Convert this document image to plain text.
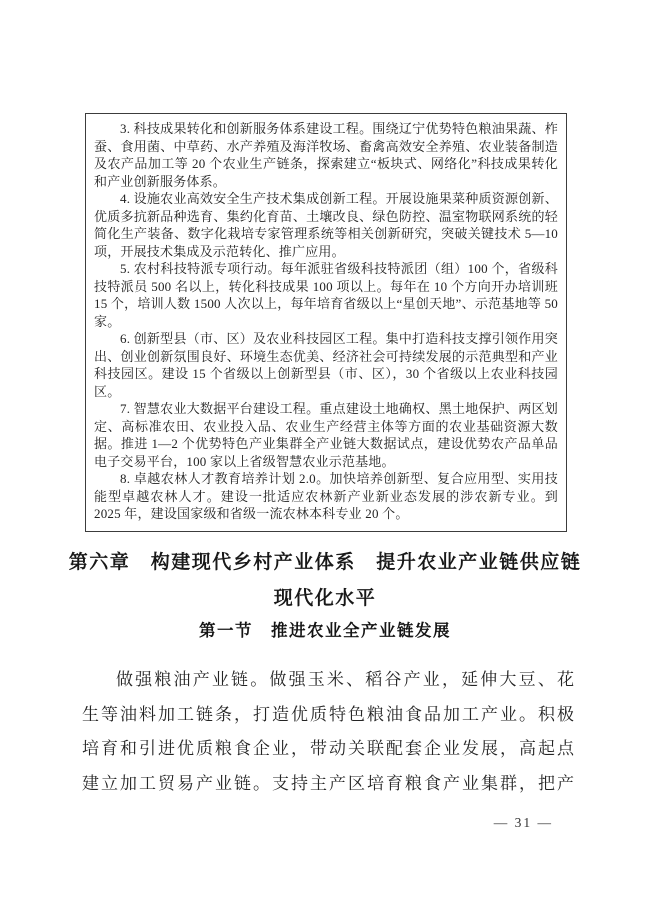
3. 科技成果转化和创新服务体系建设工程。围绕辽宁优势特色粮油果蔬、柞蚕、食用菌、中草药、水产养殖及海洋牧场、畜禽高效安全养殖、农业装备制造及农产品加工等 20 个农业生产链条，探索建立“板块式、网络化”科技成果转化和产业创新服务体系。

4. 设施农业高效安全生产技术集成创新工程。开展设施果菜种质资源创新、优质多抗新品种选育、集约化育苗、土壤改良、绿色防控、温室物联网系统的轻简化生产装备、数字化栽培专家管理系统等相关创新研究，突破关键技术 5—10 项，开展技术集成及示范转化、推广应用。

5. 农村科技特派专项行动。每年派驻省级科技特派团（组）100 个，省级科技特派员 500 名以上，转化科技成果 100 项以上。每年在 10 个方向开办培训班 15 个，培训人数 1500 人次以上，每年培育省级以上“星创天地”、示范基地等 50 家。

6. 创新型县（市、区）及农业科技园区工程。集中打造科技支撑引领作用突出、创业创新氛围良好、环境生态优美、经济社会可持续发展的示范典型和产业科技园区。建设 15 个省级以上创新型县（市、区），30 个省级以上农业科技园区。

7. 智慧农业大数据平台建设工程。重点建设土地确权、黑土地保护、两区划定、高标准农田、农业投入品、农业生产经营主体等方面的农业基础资源大数据。推进 1—2 个优势特色产业集群全产业链大数据试点，建设优势农产品单品电子交易平台，100 家以上省级智慧农业示范基地。

8. 卓越农林人才教育培养计划 2.0。加快培养创新型、复合应用型、实用技能型卓越农林人才。建设一批适应农林新产业新业态发展的涉农新专业。到 2025 年，建设国家级和省级一流农林本科专业 20 个。

第六章　构建现代乡村产业体系　提升农业产业链供应链
现代化水平
第一节　推进农业全产业链发展
做强粮油产业链。做强玉米、稻谷产业，延伸大豆、花生等油料加工链条，打造优质特色粮油食品加工产业。积极培育和引进优质粮食企业，带动关联配套企业发展，高起点建立加工贸易产业链。支持主产区培育粮食产业集群，把产
— 31 —
